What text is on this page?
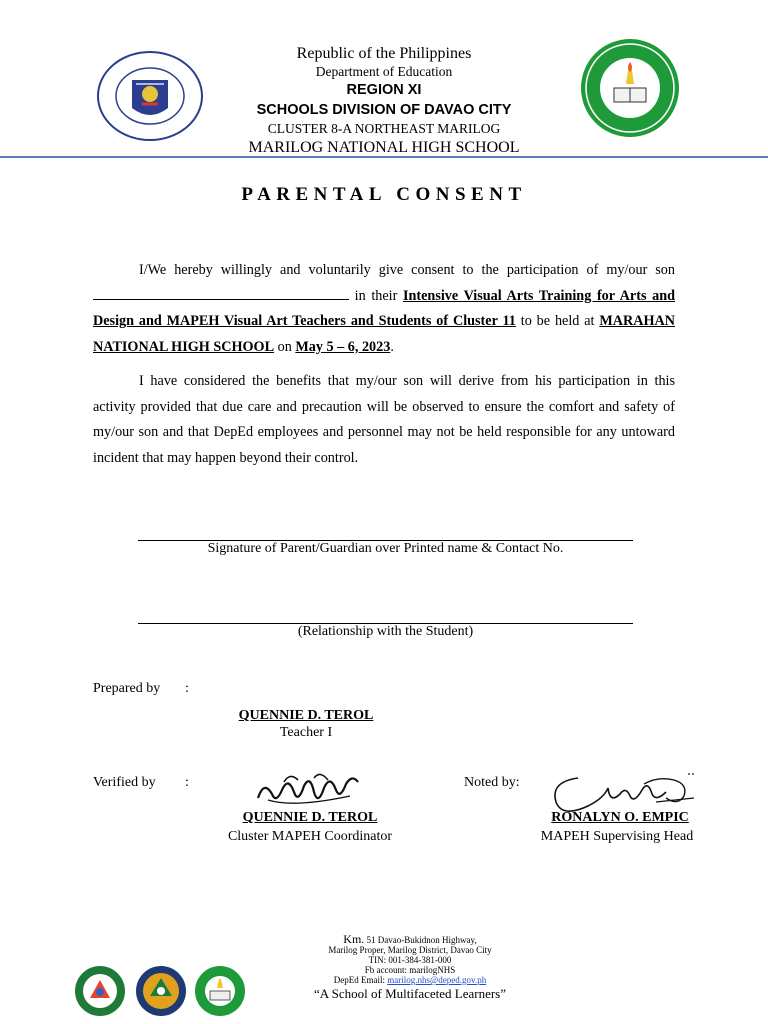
Republic of the Philippines
Department of Education
REGION XI
SCHOOLS DIVISION OF DAVAO CITY
CLUSTER 8-A NORTHEAST MARILOG
MARILOG NATIONAL HIGH SCHOOL
PARENTAL CONSENT

I/We hereby willingly and voluntarily give consent to the participation of my/our son  in their Intensive Visual Arts Training for Arts and Design and MAPEH Visual Art Teachers and Students of Cluster 11 to be held at MARAHAN NATIONAL HIGH SCHOOL on May 5 – 6, 2023.

I have considered the benefits that my/our son will derive from his participation in this activity provided that due care and precaution will be observed to ensure the comfort and safety of my/our son and that DepEd employees and personnel may not be held responsible for any untoward incident that may happen beyond their control.

Signature of Parent/Guardian over Printed name & Contact No.
(Relationship with the Student)
Prepared by :
QUENNIE D. TEROL
Teacher I
Verified by :
QUENNIE D. TEROL
Cluster MAPEH Coordinator
Noted by:
RONALYN O. EMPIC
MAPEH Supervising Head
Km. 51 Davao-Bukidnon Highway,
Marilog Proper, Marilog District, Davao City
TIN: 001-384-381-000
Fb account: marilogNHS
DepEd Email: marilog.nhs@deped.gov.ph
“A School of Multifaceted Learners”
